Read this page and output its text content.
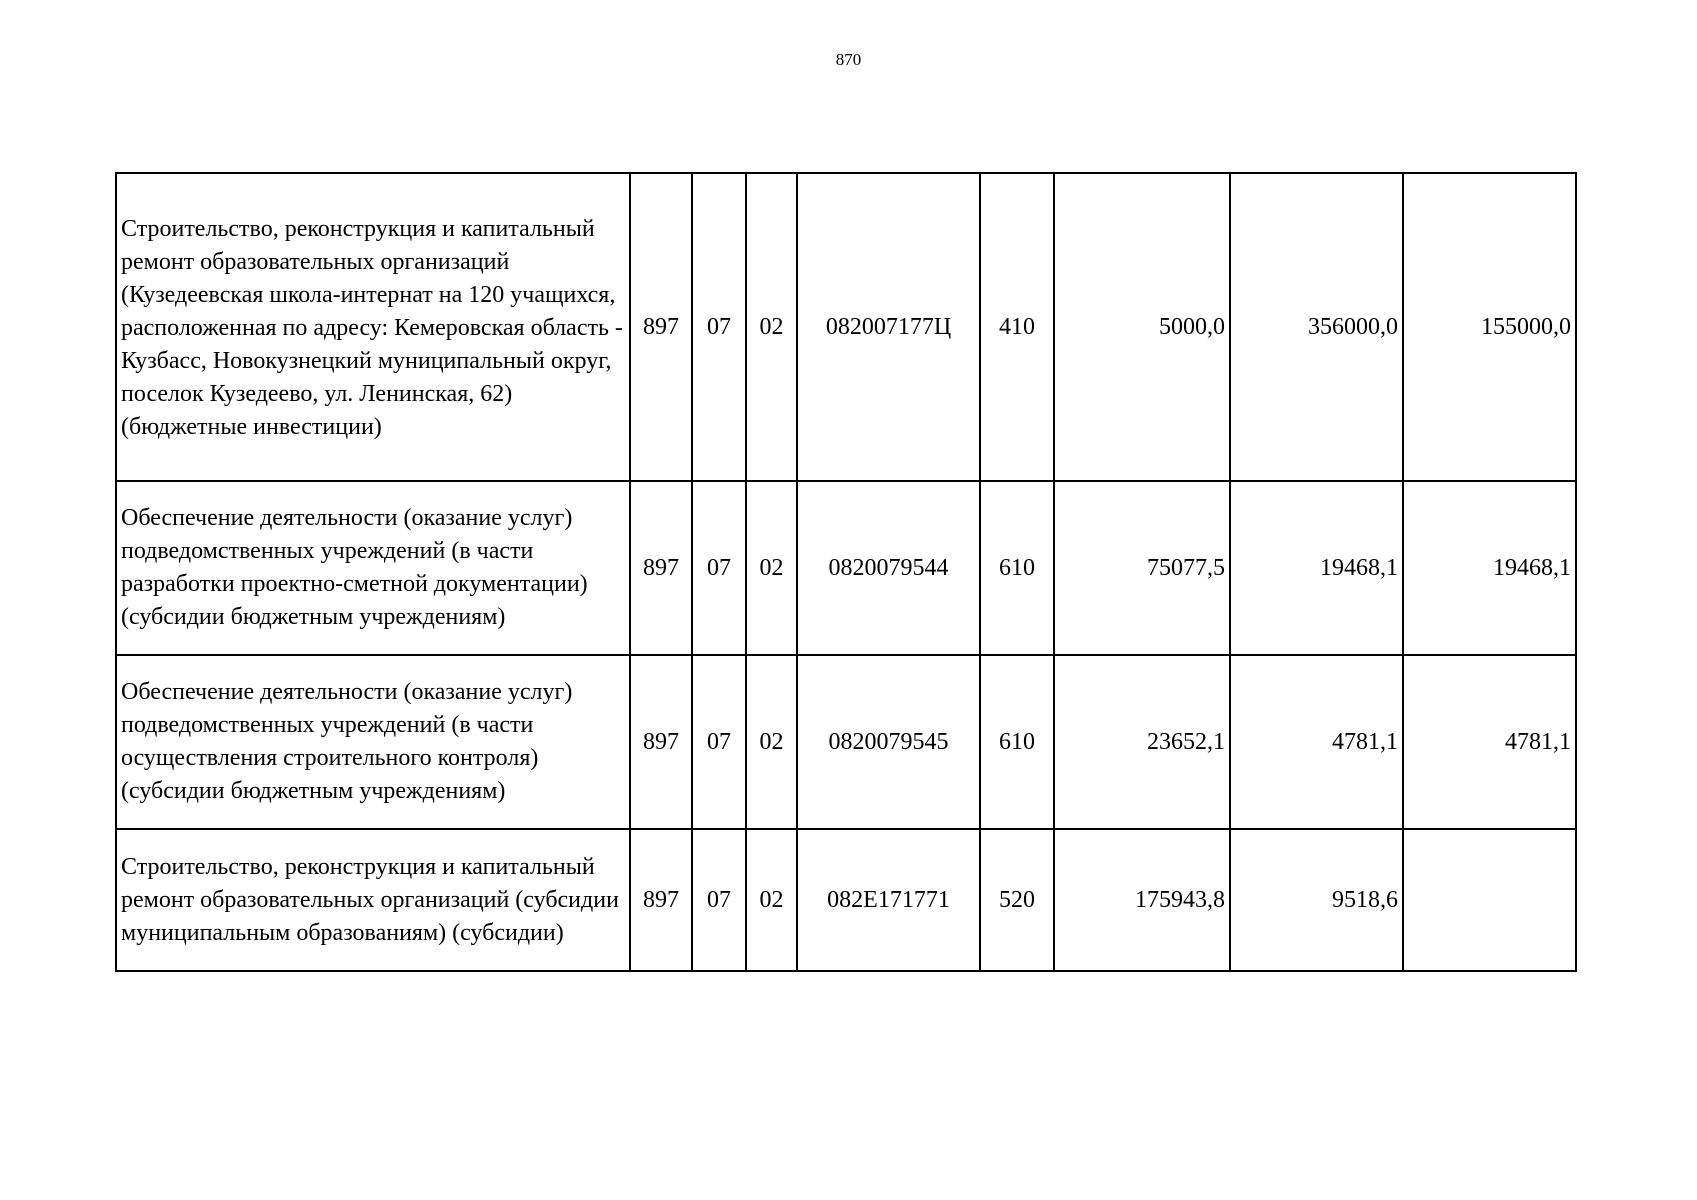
870
Строительство, реконструкция и капитальный ремонт образовательных организаций (Кузедеевская школа-интернат на 120 учащихся, расположенная по адресу: Кемеровская область - Кузбасс, Новокузнецкий муниципальный округ, поселок Кузедеево, ул. Ленинская, 62) (бюджетные инвестиции)	897	07	02	082007177Ц	410	5000,0	356000,0	155000,0
Обеспечение деятельности (оказание услуг) подведомственных учреждений (в части разработки проектно-сметной документации) (субсидии бюджетным учреждениям)	897	07	02	0820079544	610	75077,5	19468,1	19468,1
Обеспечение деятельности (оказание услуг) подведомственных учреждений (в части осуществления строительного контроля) (субсидии бюджетным учреждениям)	897	07	02	0820079545	610	23652,1	4781,1	4781,1
Строительство, реконструкция и капитальный ремонт образовательных организаций (субсидии муниципальным образованиям) (субсидии)	897	07	02	082E171771	520	175943,8	9518,6	
